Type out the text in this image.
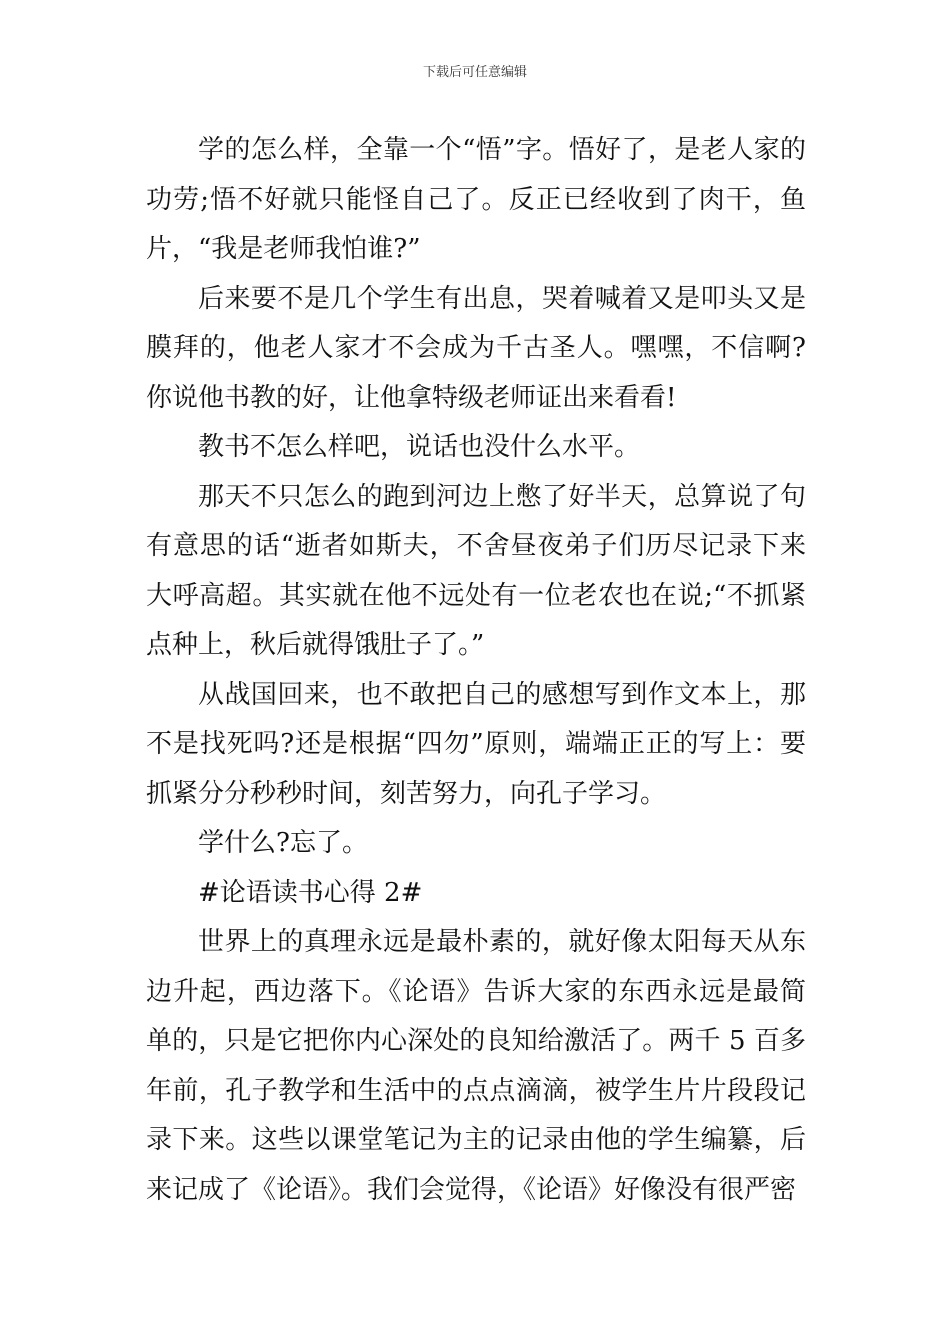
下载后可任意编辑

学的怎么样，全靠一个“悟”字。悟好了，是老人家的功劳;悟不好就只能怪自己了。反正已经收到了肉干，鱼片，“我是老师我怕谁?”

后来要不是几个学生有出息，哭着喊着又是叩头又是膜拜的，他老人家才不会成为千古圣人。嘿嘿，不信啊?你说他书教的好，让他拿特级老师证出来看看!

教书不怎么样吧，说话也没什么水平。

那天不只怎么的跑到河边上憋了好半天，总算说了句有意思的话“逝者如斯夫，不舍昼夜弟子们历尽记录下来大呼高超。其实就在他不远处有一位老农也在说;“不抓紧点种上，秋后就得饿肚子了。”

从战国回来，也不敢把自己的感想写到作文本上，那不是找死吗?还是根据“四勿”原则，端端正正的写上：要抓紧分分秒秒时间，刻苦努力，向孔子学习。

学什么?忘了。

#论语读书心得 2#

世界上的真理永远是最朴素的，就好像太阳每天从东边升起，西边落下。《论语》告诉大家的东西永远是最简单的，只是它把你内心深处的良知给激活了。两千 5 百多年前，孔子教学和生活中的点点滴滴，被学生片片段段记录下来。这些以课堂笔记为主的记录由他的学生编纂，后来记成了《论语》。我们会觉得，《论语》好像没有很严密
